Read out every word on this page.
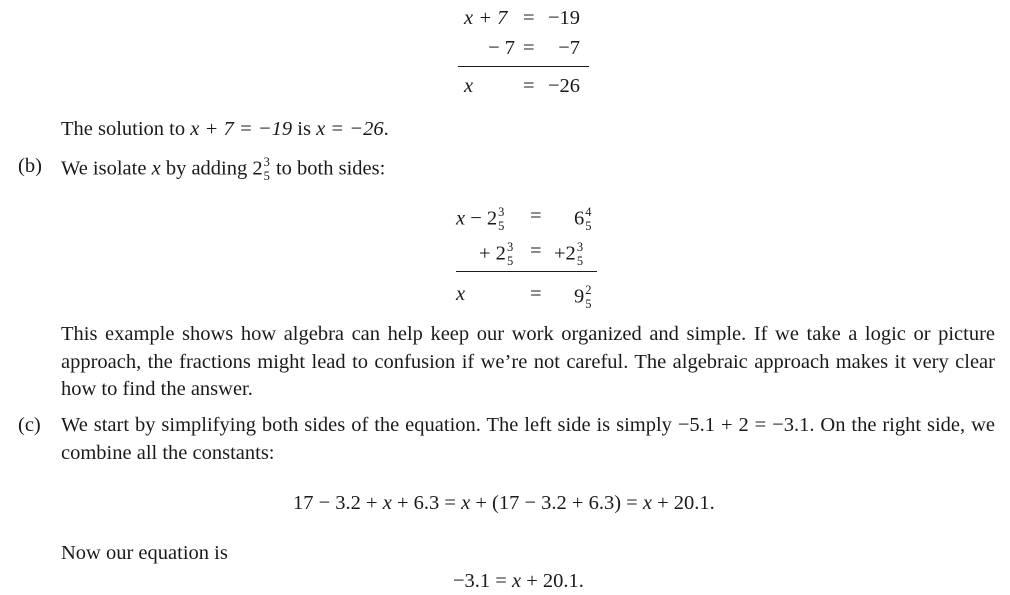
x + 7 = −19
− 7 =	−7
x = −26
The solution to x + 7 = −19 is x = −26.
(b) We isolate x by adding 2 3
5 to both sides:
x − 2 3
5 = 6 4
5
+ 2 3
5 = +2 3
5
x	= 9 2
5
This example shows how algebra can help keep our work organized and simple. If we take a logic or picture approach, the fractions might lead to confusion if we’re not careful. The algebraic approach makes it very clear how to find the answer.
(c) We start by simplifying both sides of the equation. The left side is simply −5.1 + 2 = −3.1. On the right side, we combine all the constants:
17 − 3.2 + x + 6.3 = x + (17 − 3.2 + 6.3) = x + 20.1.
Now our equation is
−3.1 = x + 20.1.
